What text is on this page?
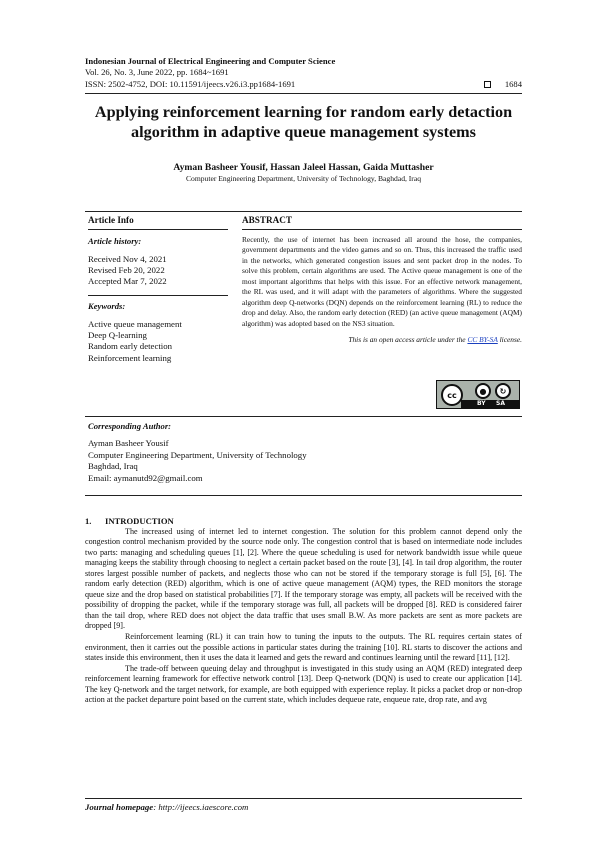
Indonesian Journal of Electrical Engineering and Computer Science
Vol. 26, No. 3, June 2022, pp. 1684~1691
ISSN: 2502-4752, DOI: 10.11591/ijeecs.v26.i3.pp1684-1691	1684
Applying reinforcement learning for random early detaction algorithm in adaptive queue management systems
Ayman Basheer Yousif, Hassan Jaleel Hassan, Gaida Muttasher
Computer Engineering Department, University of Technology, Baghdad, Iraq
Article Info
Article history:
Received Nov 4, 2021
Revised Feb 20, 2022
Accepted Mar 7, 2022
Keywords:
Active queue management
Deep Q-learning
Random early detection
Reinforcement learning
ABSTRACT
Recently, the use of internet has been increased all around the hose, the companies, government departments and the video games and so on. Thus, this increased the traffic used in the networks, which generated congestion issues and sent packet drop in the nodes. To solve this problem, certain algorithms are used. The Active queue management is one of the most important algorithms that helps with this issue. For an effective network management, the RL was used, and it will adapt with the parameters of algorithms. Where the suggested algorithm deep Q-networks (DQN) depends on the reinforcement learning (RL) to reduce the drop and delay. Also, the random early detection (RED) (an active queue management (AQM) algorithm) was adopted based on the NS3 situation.
This is an open access article under the CC BY-SA license.
cc	●	↻
BY SA
Corresponding Author:
Ayman Basheer Yousif
Computer Engineering Department, University of Technology
Baghdad, Iraq
Email: aymanutd92@gmail.com
1. INTRODUCTION

The increased using of internet led to internet congestion. The solution for this problem cannot depend only the congestion control mechanism provided by the source node only. The congestion control that is based on intermediate node includes two parts: managing and scheduling queues [1], [2]. Where the queue scheduling is used for network bandwidth issue while queue managing keeps the stability through choosing to neglect a certain packet based on the route [3], [4]. In tail drop algorithm, the router stores largest possible number of packets, and neglects those who can not be stored if the temporary storage is full [5], [6]. The random early detection (RED) algorithm, which is one of active queue management (AQM) types, the RED monitors the storage queue size and the drop based on statistical probabilities [7]. If the temporary storage was empty, all packets will be received with the possibility of dropping the packet, while if the temporary storage was full, all packets will be dropped [8]. RED is considered fairer than the tail drop, where RED does not object the data traffic that uses small B.W. As more packets are sent as more packets are dropped [9].

Reinforcement learning (RL) it can train how to tuning the inputs to the outputs. The RL requires certain states of environment, then it carries out the possible actions in particular states during the training [10]. RL starts to discover the actions and states inside this environment, then it uses the data it learned and gets the reward and continues learning until the reward [11], [12].

The trade-off between queuing delay and throughput is investigated in this study using an AQM (RED) integrated deep reinforcement learning framework for effective network control [13]. Deep Q-network (DQN) is used to create our application [14]. The key Q-network and the target network, for example, are both equipped with experience replay. It picks a packet drop or non-drop action at the packet departure point based on the current state, which includes dequeue rate, enqueue rate, drop rate, and avg

Journal homepage: http://ijeecs.iaescore.com
